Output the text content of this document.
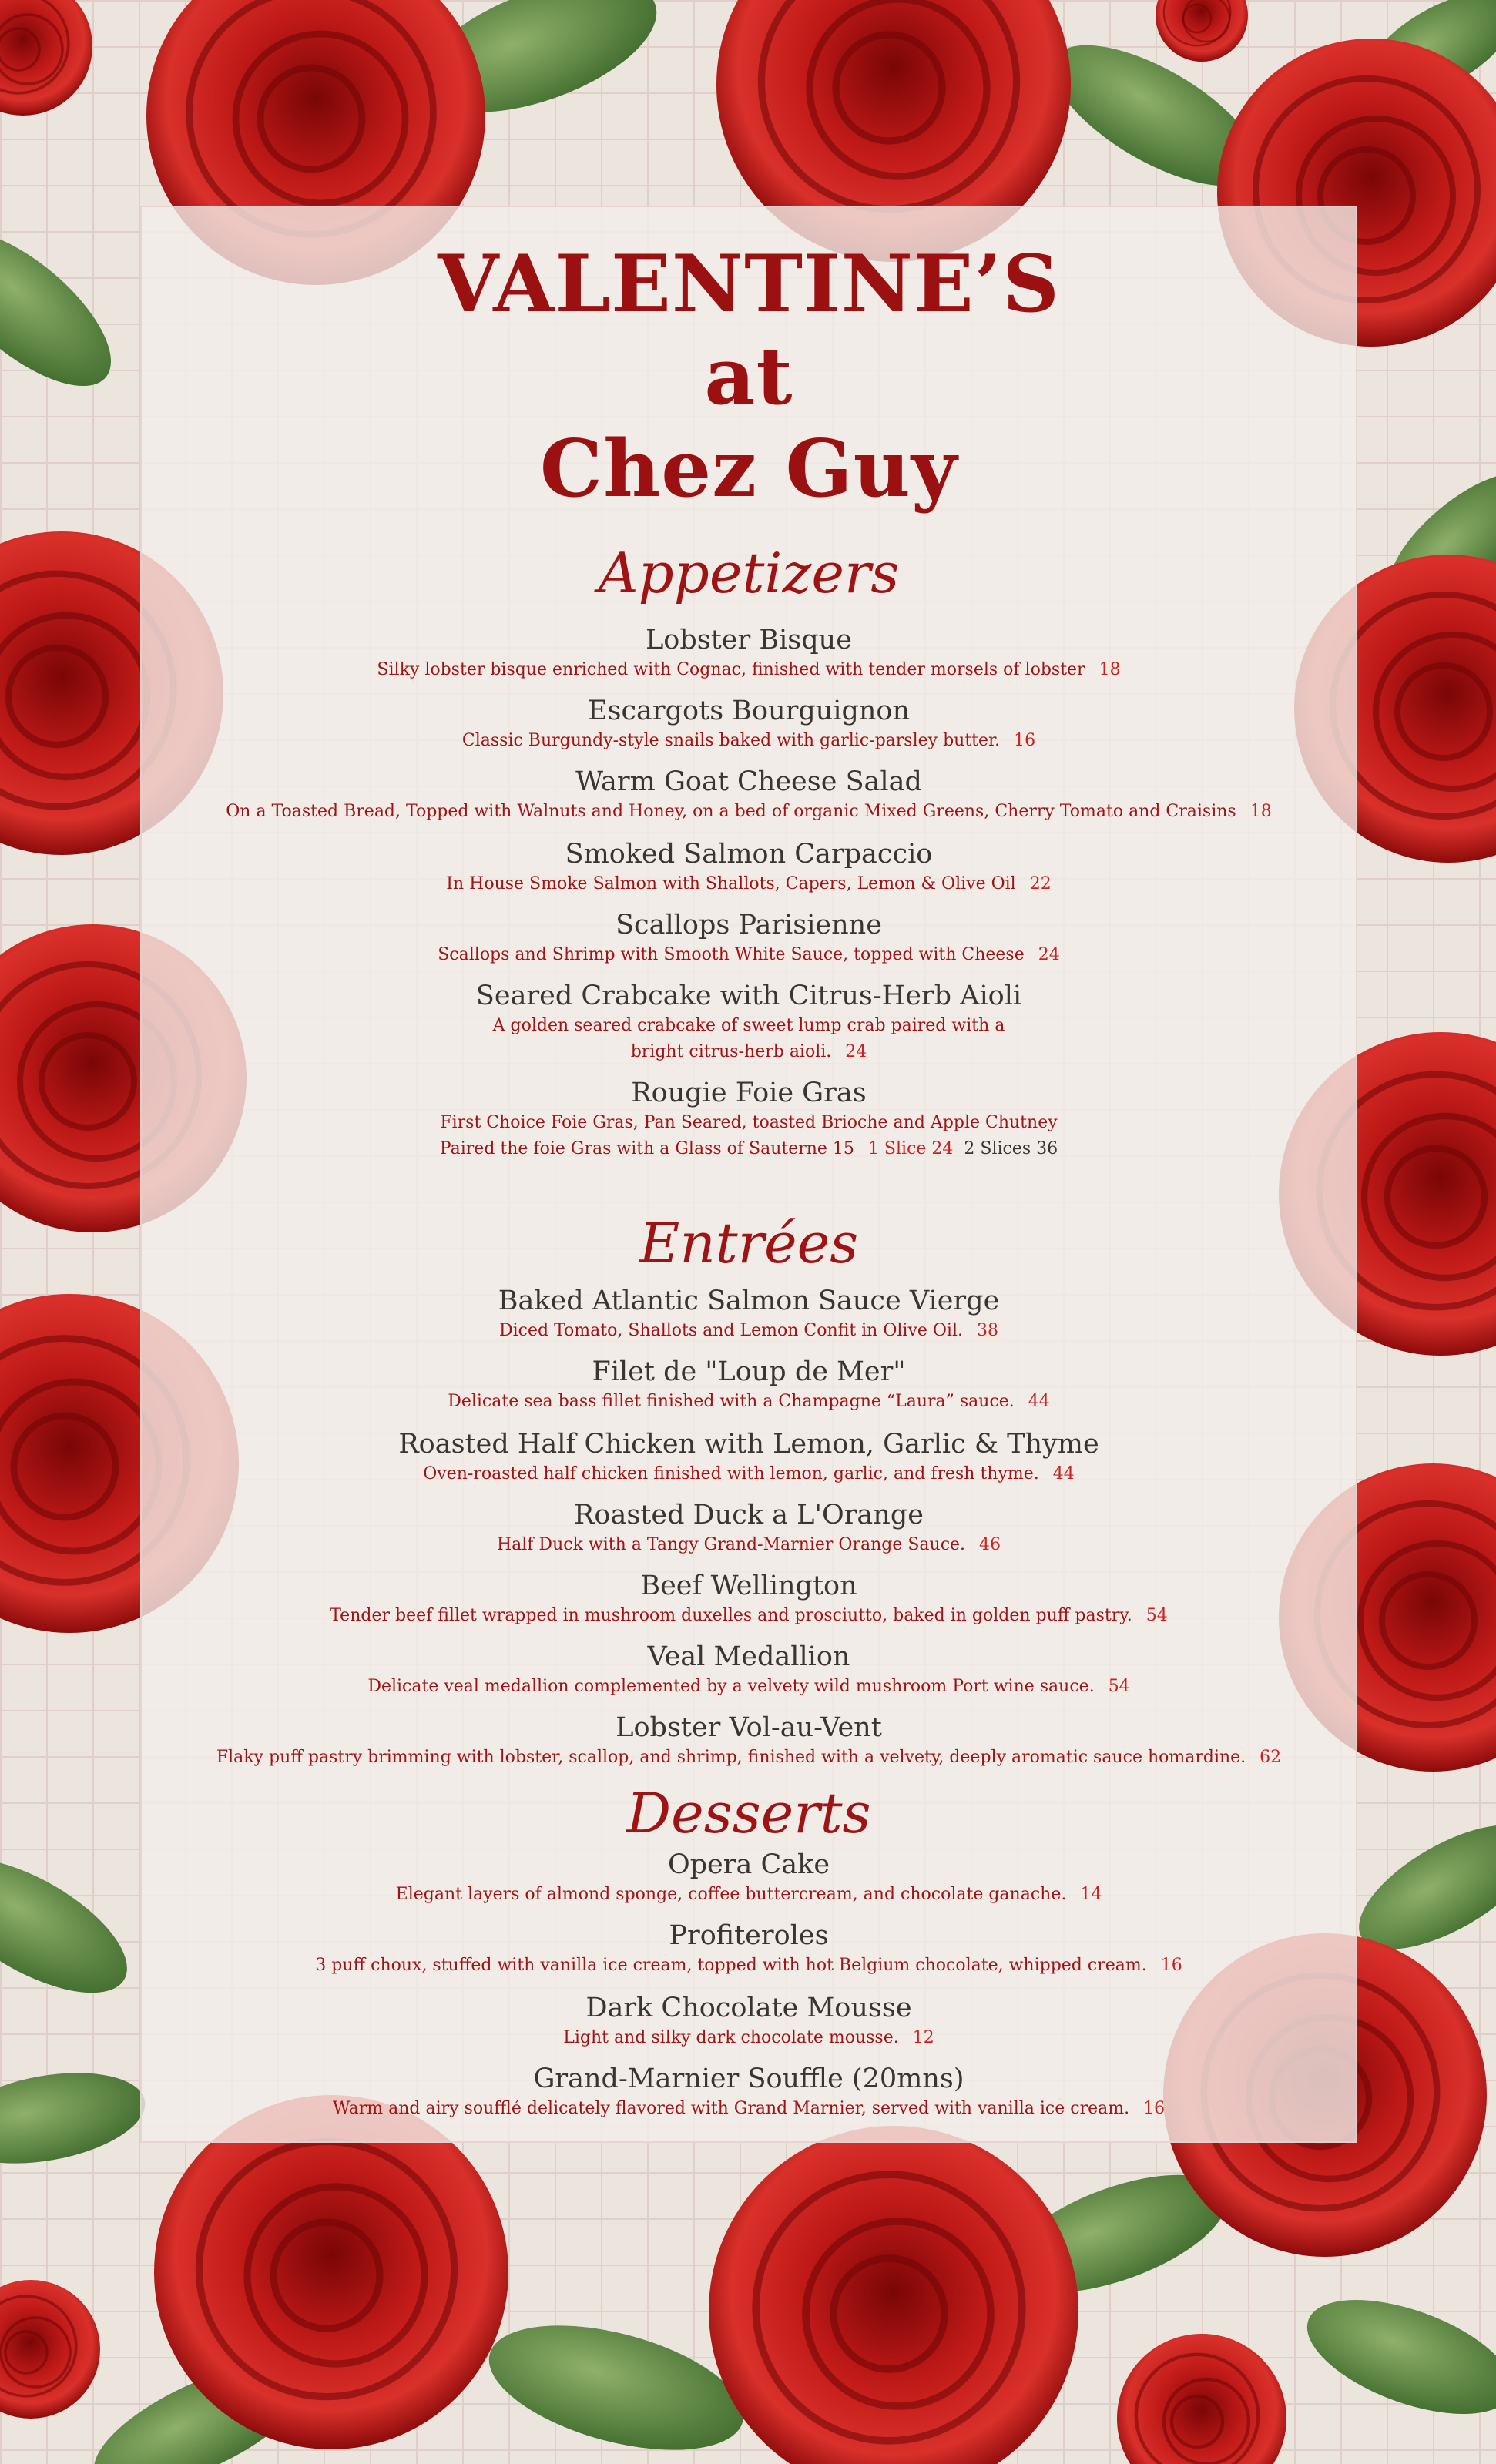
VALENTINE’S
at
Chez Guy
Appetizers
Lobster Bisque
Silky lobster bisque enriched with Cognac, finished with tender morsels of lobster 18
Escargots Bourguignon
Classic Burgundy-style snails baked with garlic-parsley butter. 16
Warm Goat Cheese Salad
On a Toasted Bread, Topped with Walnuts and Honey, on a bed of organic Mixed Greens, Cherry Tomato and Craisins 18
Smoked Salmon Carpaccio
In House Smoke Salmon with Shallots, Capers, Lemon & Olive Oil 22
Scallops Parisienne
Scallops and Shrimp with Smooth White Sauce, topped with Cheese 24
Seared Crabcake with Citrus-Herb Aioli
A golden seared crabcake of sweet lump crab paired with a
bright citrus-herb aioli. 24
Rougie Foie Gras
First Choice Foie Gras, Pan Seared, toasted Brioche and Apple Chutney
Paired the foie Gras with a Glass of Sauterne 15 1 Slice 24 2 Slices 36
Entrées
Baked Atlantic Salmon Sauce Vierge
Diced Tomato, Shallots and Lemon Confit in Olive Oil. 38
Filet de "Loup de Mer"
Delicate sea bass fillet finished with a Champagne “Laura” sauce. 44
Roasted Half Chicken with Lemon, Garlic & Thyme
Oven-roasted half chicken finished with lemon, garlic, and fresh thyme. 44
Roasted Duck a L'Orange
Half Duck with a Tangy Grand-Marnier Orange Sauce. 46
Beef Wellington
Tender beef fillet wrapped in mushroom duxelles and prosciutto, baked in golden puff pastry. 54
Veal Medallion
Delicate veal medallion complemented by a velvety wild mushroom Port wine sauce. 54
Lobster Vol-au-Vent
Flaky puff pastry brimming with lobster, scallop, and shrimp, finished with a velvety, deeply aromatic sauce homardine. 62
Desserts
Opera Cake
Elegant layers of almond sponge, coffee buttercream, and chocolate ganache. 14
Profiteroles
3 puff choux, stuffed with vanilla ice cream, topped with hot Belgium chocolate, whipped cream. 16
Dark Chocolate Mousse
Light and silky dark chocolate mousse. 12
Grand-Marnier Souffle (20mns)
Warm and airy soufflé delicately flavored with Grand Marnier, served with vanilla ice cream. 16
